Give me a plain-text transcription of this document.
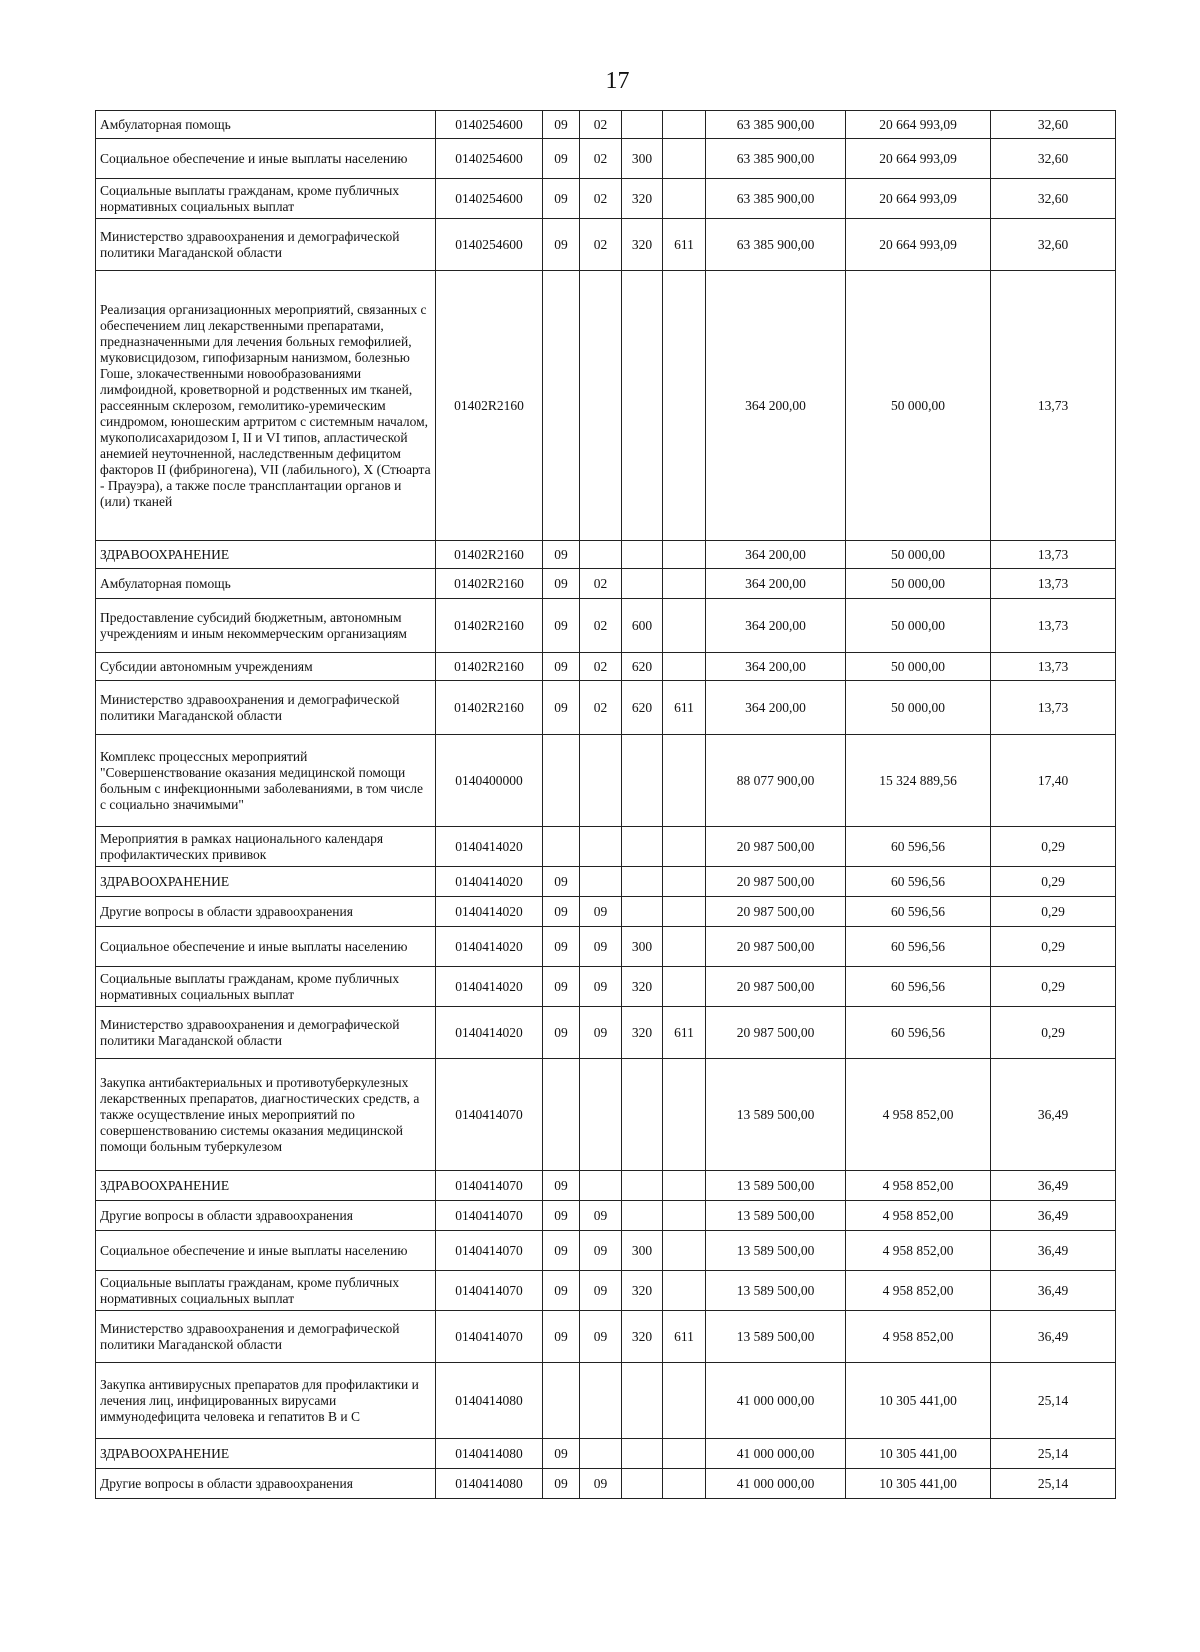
17
Амбулаторная помощь	0140254600	09	02			63 385 900,00	20 664 993,09	32,60
Социальное обеспечение и иные выплаты населению	0140254600	09	02	300		63 385 900,00	20 664 993,09	32,60
Социальные выплаты гражданам, кроме публичных нормативных социальных выплат	0140254600	09	02	320		63 385 900,00	20 664 993,09	32,60
Министерство здравоохранения и демографической политики Магаданской области	0140254600	09	02	320	611	63 385 900,00	20 664 993,09	32,60
Реализация организационных мероприятий, связанных с обеспечением лиц лекарственными препаратами, предназначенными для лечения больных гемофилией, муковисцидозом, гипофизарным нанизмом, болезнью Гоше, злокачественными новообразованиями лимфоидной, кроветворной и родственных им тканей, рассеянным склерозом, гемолитико-уремическим синдромом, юношеским артритом с системным началом, мукополисахаридозом I, II и VI типов, апластической анемией неуточненной, наследственным дефицитом факторов II (фибриногена), VII (лабильного), X (Стюарта - Прауэра), а также после трансплантации органов и (или) тканей	01402R2160					364 200,00	50 000,00	13,73
ЗДРАВООХРАНЕНИЕ	01402R2160	09				364 200,00	50 000,00	13,73
Амбулаторная помощь	01402R2160	09	02			364 200,00	50 000,00	13,73
Предоставление субсидий бюджетным, автономным учреждениям и иным некоммерческим организациям	01402R2160	09	02	600		364 200,00	50 000,00	13,73
Субсидии автономным учреждениям	01402R2160	09	02	620		364 200,00	50 000,00	13,73
Министерство здравоохранения и демографической политики Магаданской области	01402R2160	09	02	620	611	364 200,00	50 000,00	13,73
Комплекс процессных мероприятий "Совершенствование оказания медицинской помощи больным с инфекционными заболеваниями, в том числе с социально значимыми"	0140400000					88 077 900,00	15 324 889,56	17,40
Мероприятия в рамках национального календаря профилактических прививок	0140414020					20 987 500,00	60 596,56	0,29
ЗДРАВООХРАНЕНИЕ	0140414020	09				20 987 500,00	60 596,56	0,29
Другие вопросы в области здравоохранения	0140414020	09	09			20 987 500,00	60 596,56	0,29
Социальное обеспечение и иные выплаты населению	0140414020	09	09	300		20 987 500,00	60 596,56	0,29
Социальные выплаты гражданам, кроме публичных нормативных социальных выплат	0140414020	09	09	320		20 987 500,00	60 596,56	0,29
Министерство здравоохранения и демографической политики Магаданской области	0140414020	09	09	320	611	20 987 500,00	60 596,56	0,29
Закупка антибактериальных и противотуберкулезных лекарственных препаратов, диагностических средств, а также осуществление иных мероприятий по совершенствованию системы оказания медицинской помощи больным туберкулезом	0140414070					13 589 500,00	4 958 852,00	36,49
ЗДРАВООХРАНЕНИЕ	0140414070	09				13 589 500,00	4 958 852,00	36,49
Другие вопросы в области здравоохранения	0140414070	09	09			13 589 500,00	4 958 852,00	36,49
Социальное обеспечение и иные выплаты населению	0140414070	09	09	300		13 589 500,00	4 958 852,00	36,49
Социальные выплаты гражданам, кроме публичных нормативных социальных выплат	0140414070	09	09	320		13 589 500,00	4 958 852,00	36,49
Министерство здравоохранения и демографической политики Магаданской области	0140414070	09	09	320	611	13 589 500,00	4 958 852,00	36,49
Закупка антивирусных препаратов для профилактики и лечения лиц, инфицированных вирусами иммунодефицита человека и гепатитов B и C	0140414080					41 000 000,00	10 305 441,00	25,14
ЗДРАВООХРАНЕНИЕ	0140414080	09				41 000 000,00	10 305 441,00	25,14
Другие вопросы в области здравоохранения	0140414080	09	09			41 000 000,00	10 305 441,00	25,14
